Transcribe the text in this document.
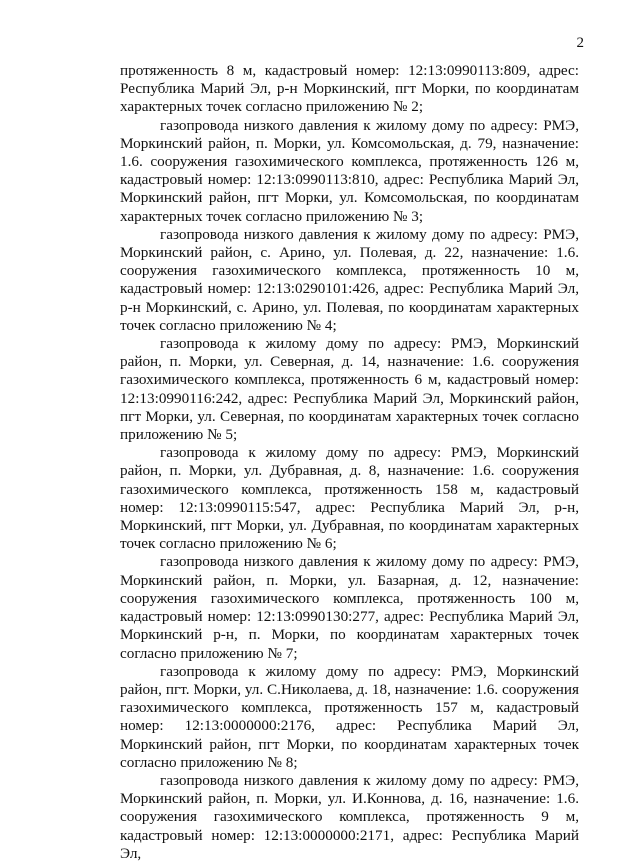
2

протяженность 8 м, кадастровый номер: 12:13:0990113:809, адрес: Республика Марий Эл, р-н Моркинский, пгт Морки, по координатам характерных точек согласно приложению № 2;

газопровода низкого давления к жилому дому по адресу: РМЭ, Моркинский район, п. Морки, ул. Комсомольская, д. 79, назначение: 1.6. сооружения газохимического комплекса, протяженность 126 м, кадастровый номер: 12:13:0990113:810, адрес: Республика Марий Эл, Моркинский район, пгт Морки, ул. Комсомольская, по координатам характерных точек согласно приложению № 3;

газопровода низкого давления к жилому дому по адресу: РМЭ, Моркинский район, с. Арино, ул. Полевая, д. 22, назначение: 1.6. сооружения газохимического комплекса, протяженность 10 м, кадастровый номер: 12:13:0290101:426, адрес: Республика Марий Эл, р-н Моркинский, с. Арино, ул. Полевая, по координатам характерных точек согласно приложению № 4;

газопровода к жилому дому по адресу: РМЭ, Моркинский район, п. Морки, ул. Северная, д. 14, назначение: 1.6. сооружения газохимического комплекса, протяженность 6 м, кадастровый номер: 12:13:0990116:242, адрес: Республика Марий Эл, Моркинский район, пгт Морки, ул. Северная, по координатам характерных точек согласно приложению № 5;

газопровода к жилому дому по адресу: РМЭ, Моркинский район, п. Морки, ул. Дубравная, д. 8, назначение: 1.6. сооружения газохимического комплекса, протяженность 158 м, кадастровый номер: 12:13:0990115:547, адрес: Республика Марий Эл, р-н, Моркинский, пгт Морки, ул. Дубравная, по координатам характерных точек согласно приложению № 6;

газопровода низкого давления к жилому дому по адресу: РМЭ, Моркинский район, п. Морки, ул. Базарная, д. 12, назначение: сооружения газохимического комплекса, протяженность 100 м, кадастровый номер: 12:13:0990130:277, адрес: Республика Марий Эл, Моркинский р-н, п. Морки, по координатам характерных точек согласно приложению № 7;

газопровода к жилому дому по адресу: РМЭ, Моркинский район, пгт. Морки, ул. С.Николаева, д. 18, назначение: 1.6. сооружения газохимического комплекса, протяженность 157 м, кадастровый номер: 12:13:0000000:2176, адрес: Республика Марий Эл, Моркинский район, пгт Морки, по координатам характерных точек согласно приложению № 8;

газопровода низкого давления к жилому дому по адресу: РМЭ, Моркинский район, п. Морки, ул. И.Коннова, д. 16, назначение: 1.6. сооружения газохимического комплекса, протяженность 9 м, кадастровый номер: 12:13:0000000:2171, адрес: Республика Марий Эл,
